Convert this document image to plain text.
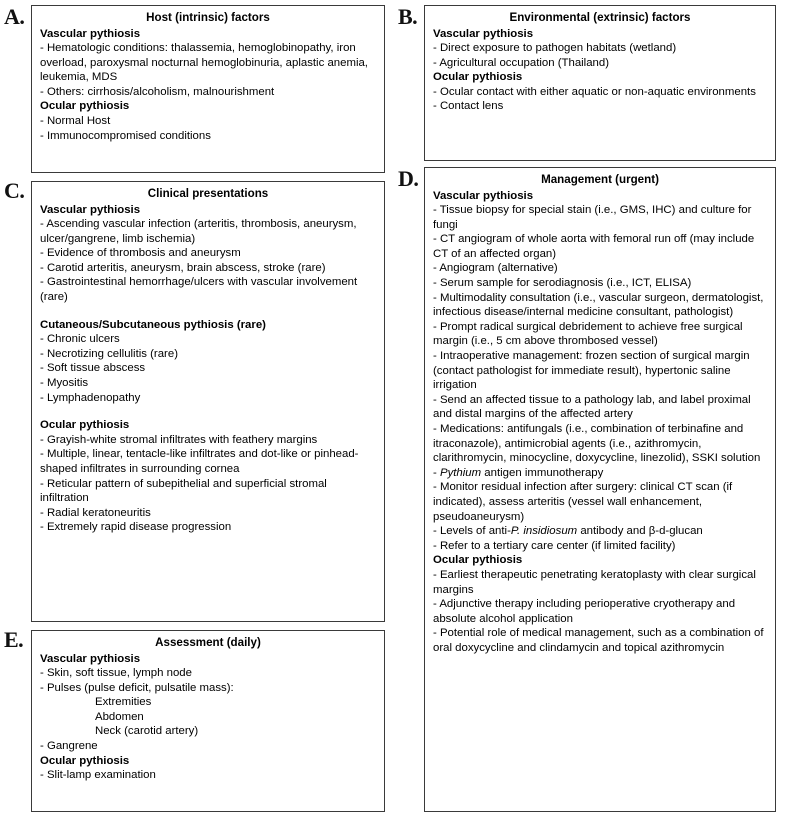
A.	Host (intrinsic) factors
Vascular pythiosis
- Hematologic conditions: thalassemia, hemoglobinopathy, iron overload, paroxysmal nocturnal hemoglobinuria, aplastic anemia, leukemia, MDS
- Others: cirrhosis/alcoholism, malnourishment
Ocular pythiosis
- Normal Host
- Immunocompromised conditions
B.	Environmental (extrinsic) factors
Vascular pythiosis
- Direct exposure to pathogen habitats (wetland)
- Agricultural occupation (Thailand)
Ocular pythiosis
- Ocular contact with either aquatic or non-aquatic environments
- Contact lens
C.	Clinical presentations
Vascular pythiosis
- Ascending vascular infection (arteritis, thrombosis, aneurysm, ulcer/gangrene, limb ischemia)
- Evidence of thrombosis and aneurysm
- Carotid arteritis, aneurysm, brain abscess, stroke (rare)
- Gastrointestinal hemorrhage/ulcers with vascular involvement (rare)
Cutaneous/Subcutaneous pythiosis (rare)
- Chronic ulcers
- Necrotizing cellulitis (rare)
- Soft tissue abscess
- Myositis
- Lymphadenopathy
Ocular pythiosis
- Grayish-white stromal infiltrates with feathery margins
- Multiple, linear, tentacle-like infiltrates and dot-like or pinhead-shaped infiltrates in surrounding cornea
- Reticular pattern of subepithelial and superficial stromal infiltration
- Radial keratoneuritis
- Extremely rapid disease progression
D.	Management (urgent)
Vascular pythiosis
- Tissue biopsy for special stain (i.e., GMS, IHC) and culture for fungi
- CT angiogram of whole aorta with femoral run off (may include CT of an affected organ)
- Angiogram (alternative)
- Serum sample for serodiagnosis (i.e., ICT, ELISA)
- Multimodality consultation (i.e., vascular surgeon, dermatologist, infectious disease/internal medicine consultant, pathologist)
- Prompt radical surgical debridement to achieve free surgical margin (i.e., 5 cm above thrombosed vessel)
- Intraoperative management: frozen section of surgical margin (contact pathologist for immediate result), hypertonic saline irrigation
- Send an affected tissue to a pathology lab, and label proximal and distal margins of the affected artery
- Medications: antifungals (i.e., combination of terbinafine and itraconazole), antimicrobial agents (i.e., azithromycin, clarithromycin, minocycline, doxycycline, linezolid), SSKI solution
- Pythium antigen immunotherapy
- Monitor residual infection after surgery: clinical CT scan (if indicated), assess arteritis (vessel wall enhancement, pseudoaneurysm)
- Levels of anti-P. insidiosum antibody and β-d-glucan
- Refer to a tertiary care center (if limited facility)
Ocular pythiosis
- Earliest therapeutic penetrating keratoplasty with clear surgical margins
- Adjunctive therapy including perioperative cryotherapy and absolute alcohol application
- Potential role of medical management, such as a combination of oral doxycycline and clindamycin and topical azithromycin
E.	Assessment (daily)
Vascular pythiosis
- Skin, soft tissue, lymph node
- Pulses (pulse deficit, pulsatile mass):
Extremities
Abdomen
Neck (carotid artery)
- Gangrene
Ocular pythiosis
- Slit-lamp examination
